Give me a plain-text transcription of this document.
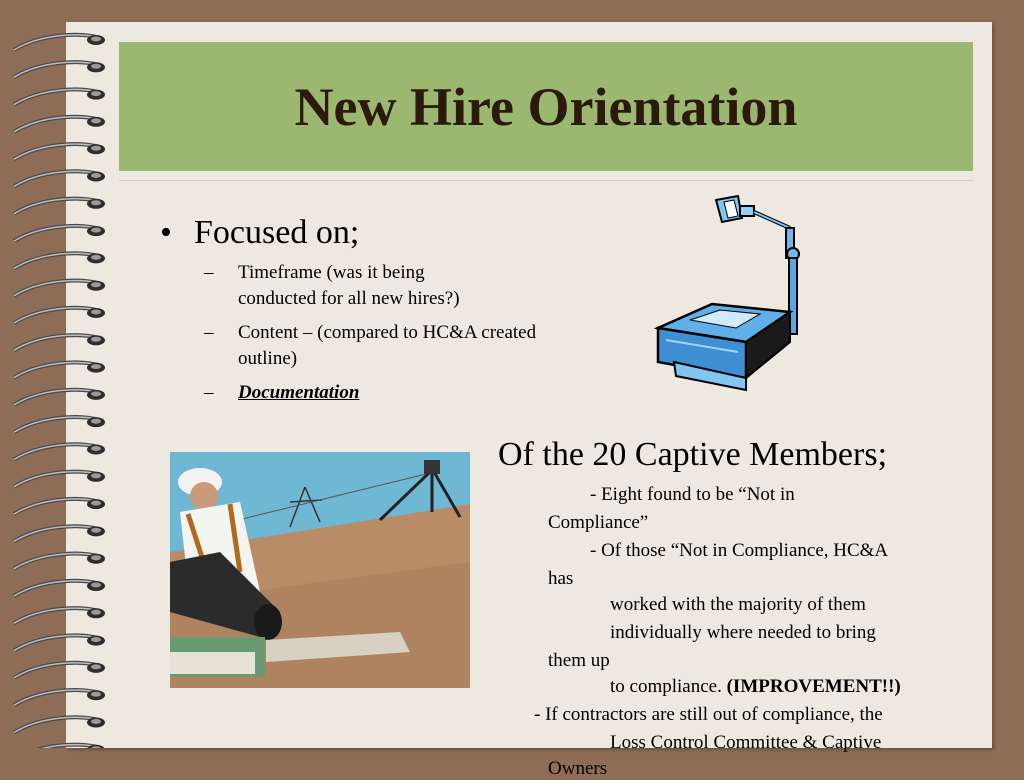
New Hire Orientation
• Focused on;
–	Timeframe (was it being conducted for all new hires?)
–	Content – (compared to HC&A created outline)
–	Documentation
Of the 20 Captive Members;
- Eight found to be “Not in
Compliance”
- Of those “Not in Compliance, HC&A
has
worked with the majority of them
individually where needed to bring
them up
to compliance. (IMPROVEMENT!!)
- If contractors are still out of compliance, the
Loss Control Committee & Captive
Owners
